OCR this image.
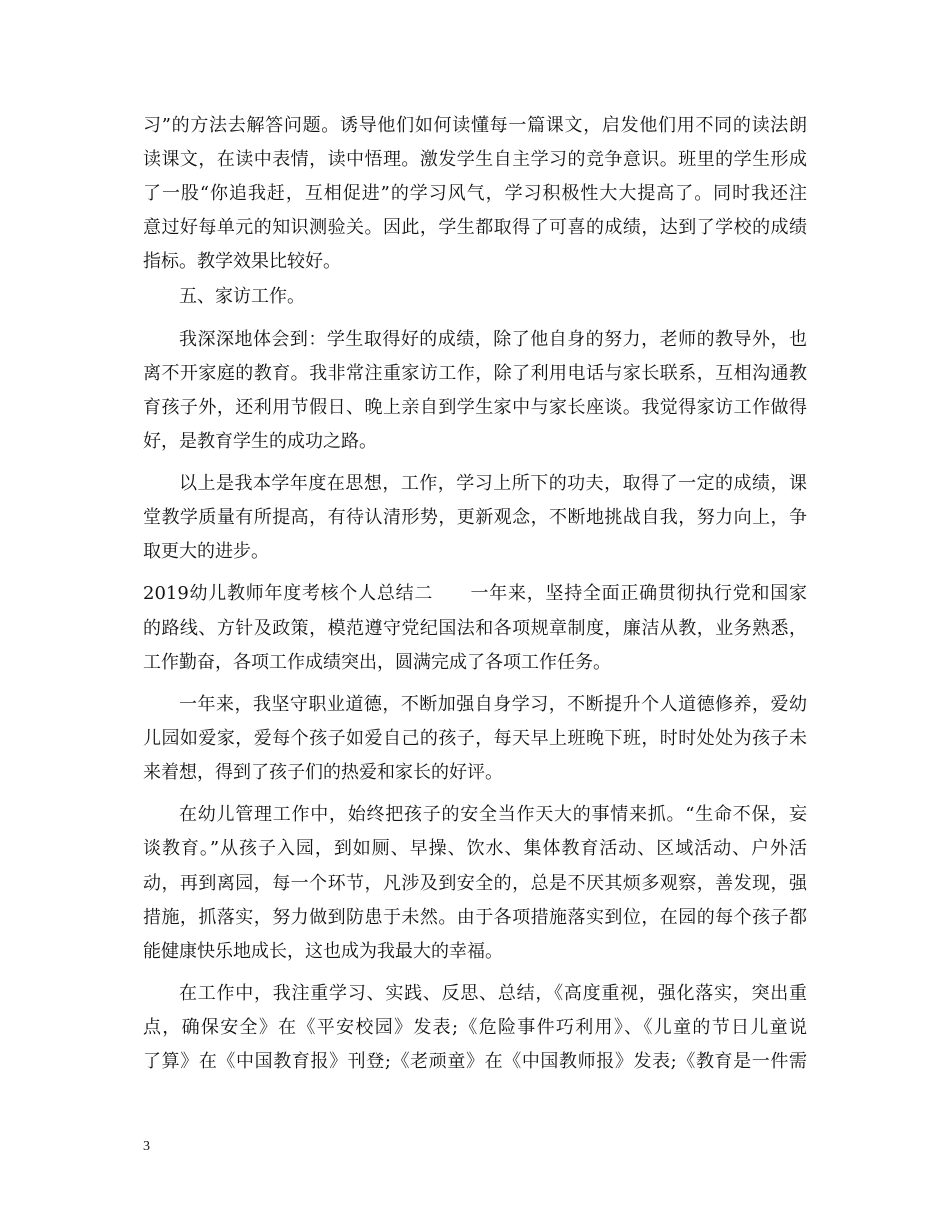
习”的方法去解答问题。诱导他们如何读懂每一篇课文，启发他们用不同的读法朗
读课文，在读中表情，读中悟理。激发学生自主学习的竞争意识。班里的学生形成
了一股“你追我赶，互相促进”的学习风气，学习积极性大大提高了。同时我还注
意过好每单元的知识测验关。因此，学生都取得了可喜的成绩，达到了学校的成绩
指标。教学效果比较好。
五、家访工作。
我深深地体会到：学生取得好的成绩，除了他自身的努力，老师的教导外，也
离不开家庭的教育。我非常注重家访工作，除了利用电话与家长联系，互相沟通教
育孩子外，还利用节假日、晚上亲自到学生家中与家长座谈。我觉得家访工作做得
好，是教育学生的成功之路。
以上是我本学年度在思想，工作，学习上所下的功夫，取得了一定的成绩，课
堂教学质量有所提高，有待认清形势，更新观念，不断地挑战自我，努力向上，争
取更大的进步。
2019幼儿教师年度考核个人总结二　　一年来，坚持全面正确贯彻执行党和国家
的路线、方针及政策，模范遵守党纪国法和各项规章制度，廉洁从教，业务熟悉，
工作勤奋，各项工作成绩突出，圆满完成了各项工作任务。
一年来，我坚守职业道德，不断加强自身学习，不断提升个人道德修养，爱幼
儿园如爱家，爱每个孩子如爱自己的孩子，每天早上班晚下班，时时处处为孩子未
来着想，得到了孩子们的热爱和家长的好评。
在幼儿管理工作中，始终把孩子的安全当作天大的事情来抓。“生命不保，妄
谈教育。”从孩子入园，到如厕、早操、饮水、集体教育活动、区域活动、户外活
动，再到离园，每一个环节，凡涉及到安全的，总是不厌其烦多观察，善发现，强
措施，抓落实，努力做到防患于未然。由于各项措施落实到位，在园的每个孩子都
能健康快乐地成长，这也成为我最大的幸福。
在工作中，我注重学习、实践、反思、总结，《高度重视，强化落实，突出重
点，确保安全》在《平安校园》发表;《危险事件巧利用》、《儿童的节日儿童说
了算》在《中国教育报》刊登;《老顽童》在《中国教师报》发表;《教育是一件需
3
